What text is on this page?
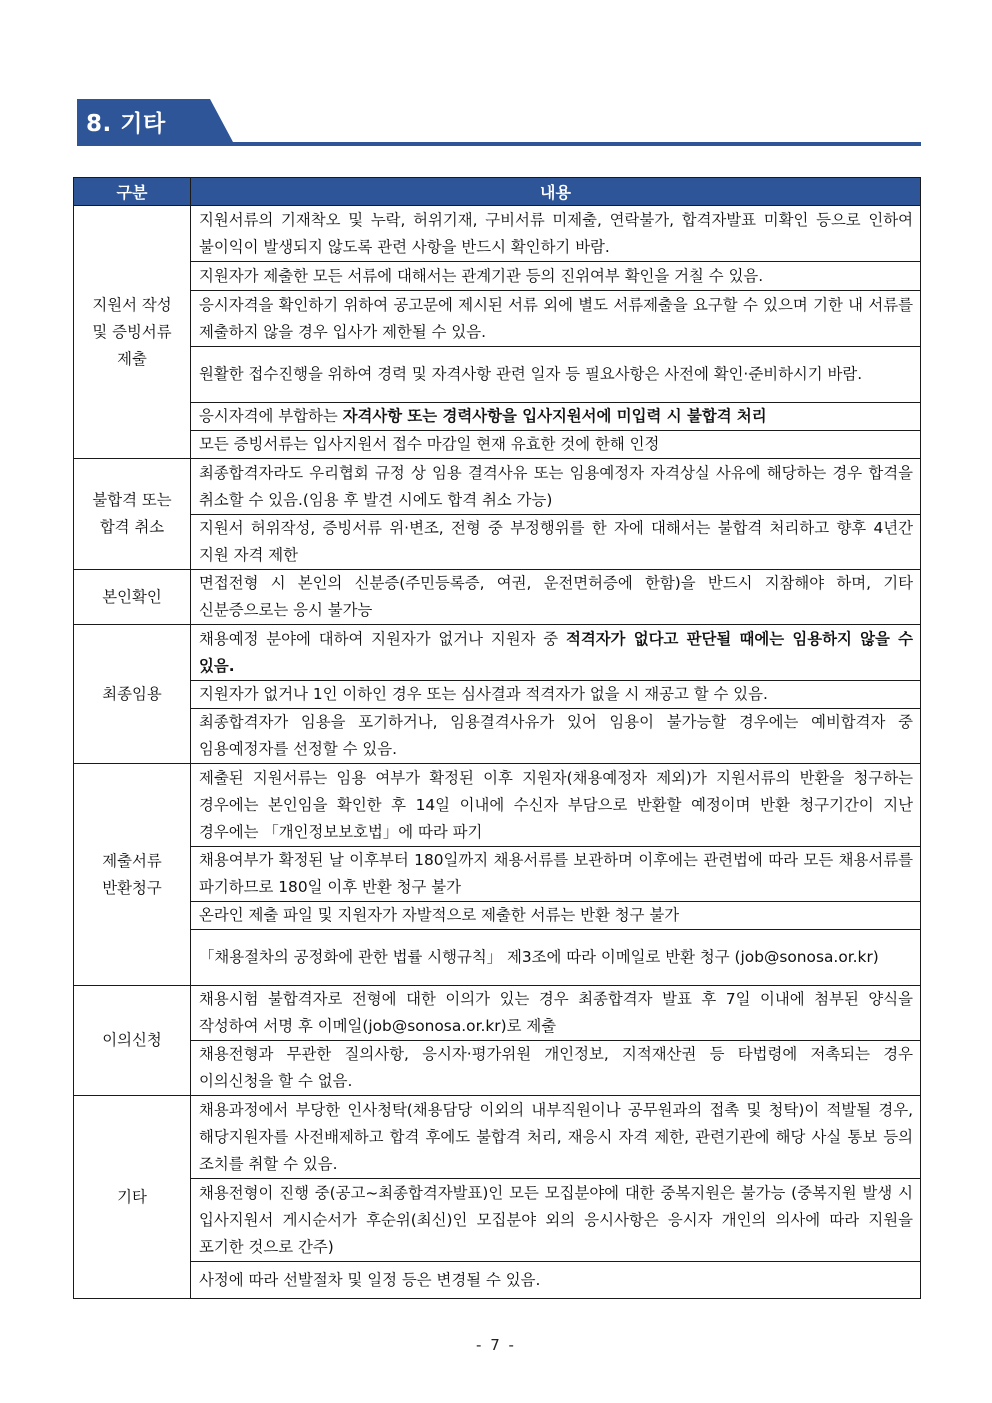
8. 기타
구분	내용
지원서 작성
및 증빙서류
제출	지원서류의 기재착오 및 누락, 허위기재, 구비서류 미제출, 연락불가, 합격자발표 미확인 등으로 인하여 불이익이 발생되지 않도록 관련 사항을 반드시 확인하기 바람.
	지원자가 제출한 모든 서류에 대해서는 관계기관 등의 진위여부 확인을 거칠 수 있음.
	응시자격을 확인하기 위하여 공고문에 제시된 서류 외에 별도 서류제출을 요구할 수 있으며 기한 내 서류를 제출하지 않을 경우 입사가 제한될 수 있음.
	원활한 접수진행을 위하여 경력 및 자격사항 관련 일자 등 필요사항은 사전에 확인·준비하시기 바람.
	응시자격에 부합하는 자격사항 또는 경력사항을 입사지원서에 미입력 시 불합격 처리
	모든 증빙서류는 입사지원서 접수 마감일 현재 유효한 것에 한해 인정
불합격 또는
합격 취소	최종합격자라도 우리협회 규정 상 임용 결격사유 또는 임용예정자 자격상실 사유에 해당하는 경우 합격을 취소할 수 있음.(임용 후 발견 시에도 합격 취소 가능)
	지원서 허위작성, 증빙서류 위·변조, 전형 중 부정행위를 한 자에 대해서는 불합격 처리하고 향후 4년간 지원 자격 제한
본인확인	면접전형 시 본인의 신분증(주민등록증, 여권, 운전면허증에 한함)을 반드시 지참해야 하며, 기타 신분증으로는 응시 불가능
최종임용	채용예정 분야에 대하여 지원자가 없거나 지원자 중 적격자가 없다고 판단될 때에는 임용하지 않을 수 있음.
	지원자가 없거나 1인 이하인 경우 또는 심사결과 적격자가 없을 시 재공고 할 수 있음.
	최종합격자가 임용을 포기하거나, 임용결격사유가 있어 임용이 불가능할 경우에는 예비합격자 중 임용예정자를 선정할 수 있음.
제출서류
반환청구	제출된 지원서류는 임용 여부가 확정된 이후 지원자(채용예정자 제외)가 지원서류의 반환을 청구하는 경우에는 본인임을 확인한 후 14일 이내에 수신자 부담으로 반환할 예정이며 반환 청구기간이 지난 경우에는 「개인정보보호법」에 따라 파기
	채용여부가 확정된 날 이후부터 180일까지 채용서류를 보관하며 이후에는 관련법에 따라 모든 채용서류를 파기하므로 180일 이후 반환 청구 불가
	온라인 제출 파일 및 지원자가 자발적으로 제출한 서류는 반환 청구 불가
	「채용절차의 공정화에 관한 법률 시행규칙」 제3조에 따라 이메일로 반환 청구 (job@sonosa.or.kr)
이의신청	채용시험 불합격자로 전형에 대한 이의가 있는 경우 최종합격자 발표 후 7일 이내에 첨부된 양식을 작성하여 서명 후 이메일(job@sonosa.or.kr)로 제출
	채용전형과 무관한 질의사항, 응시자·평가위원 개인정보, 지적재산권 등 타법령에 저촉되는 경우 이의신청을 할 수 없음.
기타	채용과정에서 부당한 인사청탁(채용담당 이외의 내부직원이나 공무원과의 접촉 및 청탁)이 적발될 경우, 해당지원자를 사전배제하고 합격 후에도 불합격 처리, 재응시 자격 제한, 관련기관에 해당 사실 통보 등의 조치를 취할 수 있음.
	채용전형이 진행 중(공고~최종합격자발표)인 모든 모집분야에 대한 중복지원은 불가능 (중복지원 발생 시 입사지원서 게시순서가 후순위(최신)인 모집분야 외의 응시사항은 응시자 개인의 의사에 따라 지원을 포기한 것으로 간주)
	사정에 따라 선발절차 및 일정 등은 변경될 수 있음.
- 7 -
